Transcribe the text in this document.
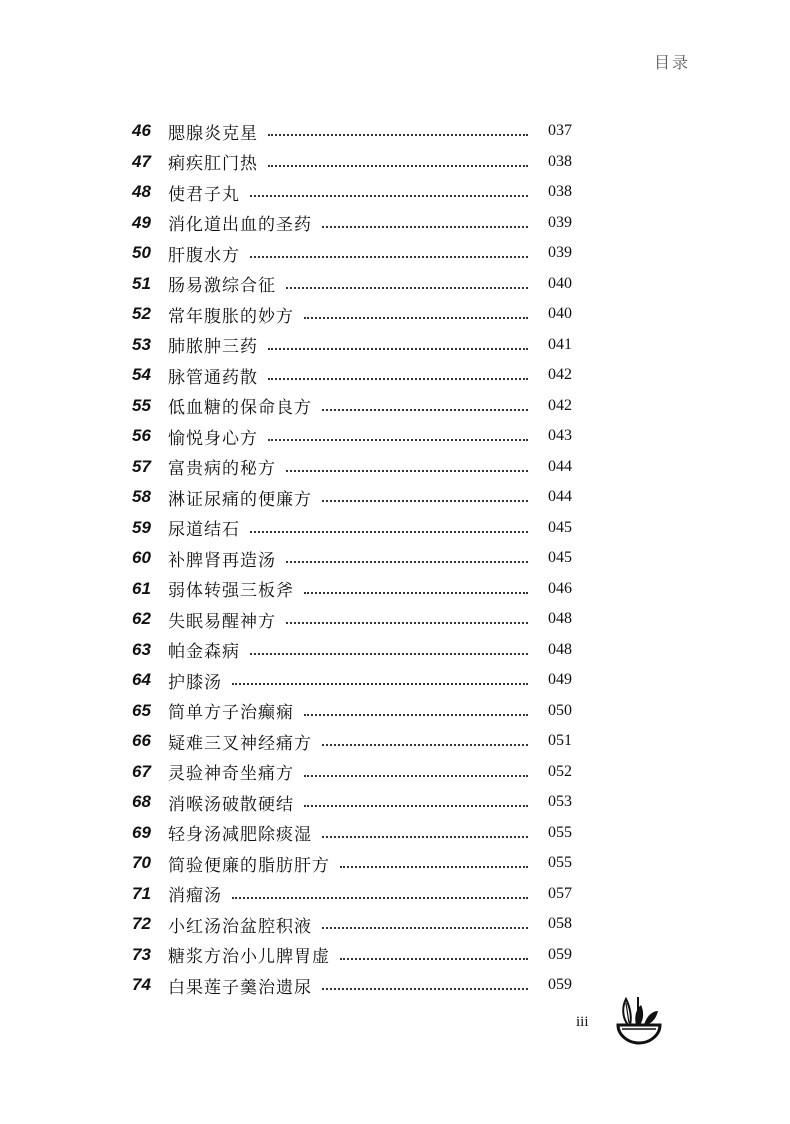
目录
46	腮腺炎克星	037
47	痢疾肛门热	038
48	使君子丸	038
49	消化道出血的圣药	039
50	肝腹水方	039
51	肠易激综合征	040
52	常年腹胀的妙方	040
53	肺脓肿三药	041
54	脉管通药散	042
55	低血糖的保命良方	042
56	愉悦身心方	043
57	富贵病的秘方	044
58	淋证尿痛的便廉方	044
59	尿道结石	045
60	补脾肾再造汤	045
61	弱体转强三板斧	046
62	失眠易醒神方	048
63	帕金森病	048
64	护膝汤	049
65	简单方子治癫痫	050
66	疑难三叉神经痛方	051
67	灵验神奇坐痛方	052
68	消喉汤破散硬结	053
69	轻身汤减肥除痰湿	055
70	简验便廉的脂肪肝方	055
71	消瘤汤	057
72	小红汤治盆腔积液	058
73	糖浆方治小儿脾胃虚	059
74	白果莲子羹治遗尿	059
iii
